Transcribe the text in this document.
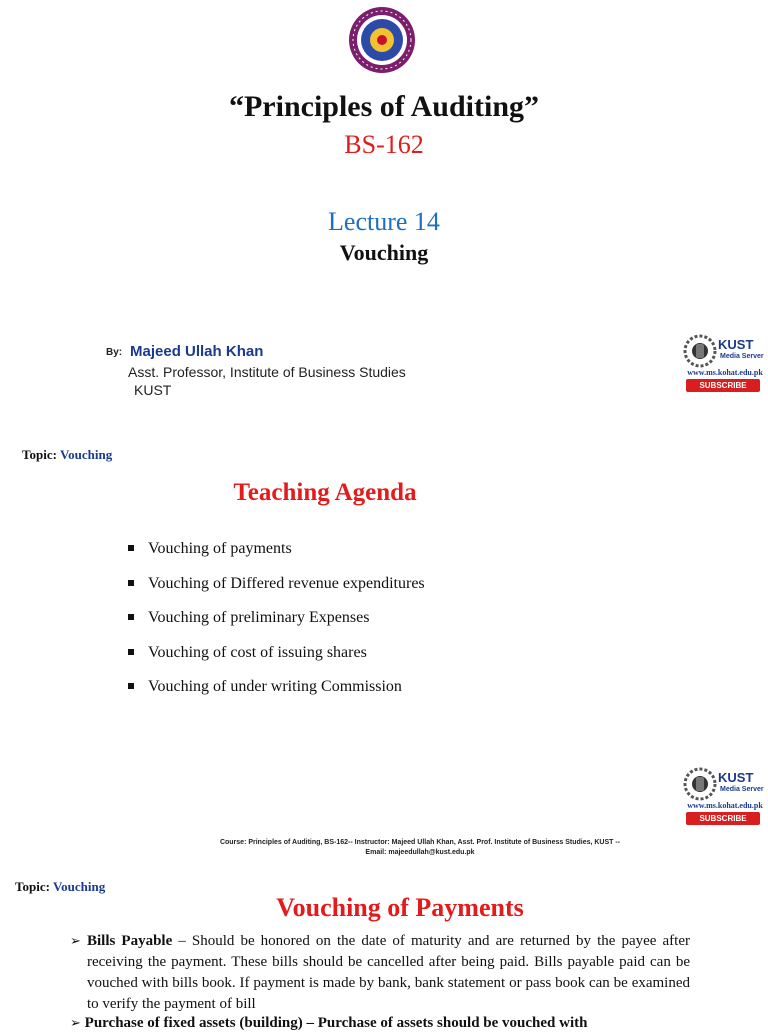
“Principles of Auditing”
BS-162
Lecture 14
Vouching
By: Majeed Ullah Khan
Asst. Professor, Institute of Business Studies
KUST
KUST
Media Server
www.ms.kohat.edu.pk
SUBSCRIBE
Topic: Vouching
Teaching Agenda
Vouching of payments
Vouching of Differed revenue expenditures
Vouching of preliminary Expenses
Vouching of cost of issuing shares
Vouching of under writing Commission
KUST
Media Server
www.ms.kohat.edu.pk
SUBSCRIBE
Course: Principles of Auditing, BS-162-- Instructor: Majeed Ullah Khan, Asst. Prof. Institute of Business Studies, KUST --
Email: majeedullah@kust.edu.pk
Topic: Vouching
Vouching of Payments
➢ Bills Payable – Should be honored on the date of maturity and are returned by the payee after receiving the payment. These bills should be cancelled after being paid. Bills payable paid can be vouched with bills book. If payment is made by bank, bank statement or pass book can be examined to verify the payment of bill
➢ Purchase of fixed assets (building) – Purchase of assets should be vouched with
